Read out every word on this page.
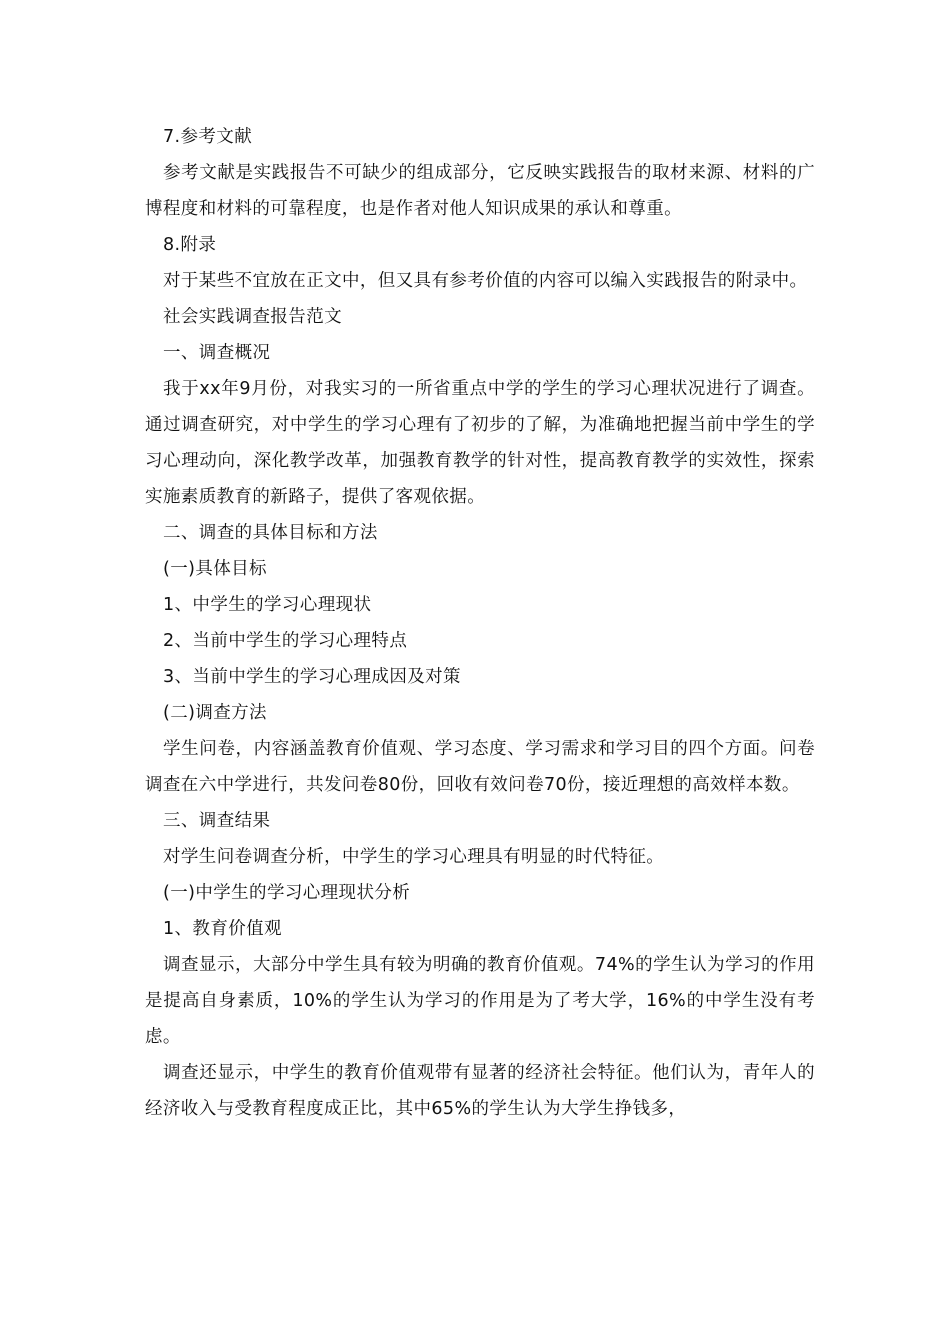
7.参考文献

参考文献是实践报告不可缺少的组成部分，它反映实践报告的取材来源、材料的广博程度和材料的可靠程度，也是作者对他人知识成果的承认和尊重。

8.附录

对于某些不宜放在正文中，但又具有参考价值的内容可以编入实践报告的附录中。

社会实践调查报告范文

一、调查概况

我于xx年9月份，对我实习的一所省重点中学的学生的学习心理状况进行了调查。通过调查研究，对中学生的学习心理有了初步的了解，为准确地把握当前中学生的学习心理动向，深化教学改革，加强教育教学的针对性，提高教育教学的实效性，探索实施素质教育的新路子，提供了客观依据。

二、调查的具体目标和方法

(一)具体目标

1、中学生的学习心理现状

2、当前中学生的学习心理特点

3、当前中学生的学习心理成因及对策

(二)调查方法

学生问卷，内容涵盖教育价值观、学习态度、学习需求和学习目的四个方面。问卷调查在六中学进行，共发问卷80份，回收有效问卷70份，接近理想的高效样本数。

三、调查结果

对学生问卷调查分析，中学生的学习心理具有明显的时代特征。

(一)中学生的学习心理现状分析

1、教育价值观

调查显示，大部分中学生具有较为明确的教育价值观。74%的学生认为学习的作用是提高自身素质，10%的学生认为学习的作用是为了考大学，16%的中学生没有考虑。

调查还显示，中学生的教育价值观带有显著的经济社会特征。他们认为，青年人的经济收入与受教育程度成正比，其中65%的学生认为大学生挣钱多，
